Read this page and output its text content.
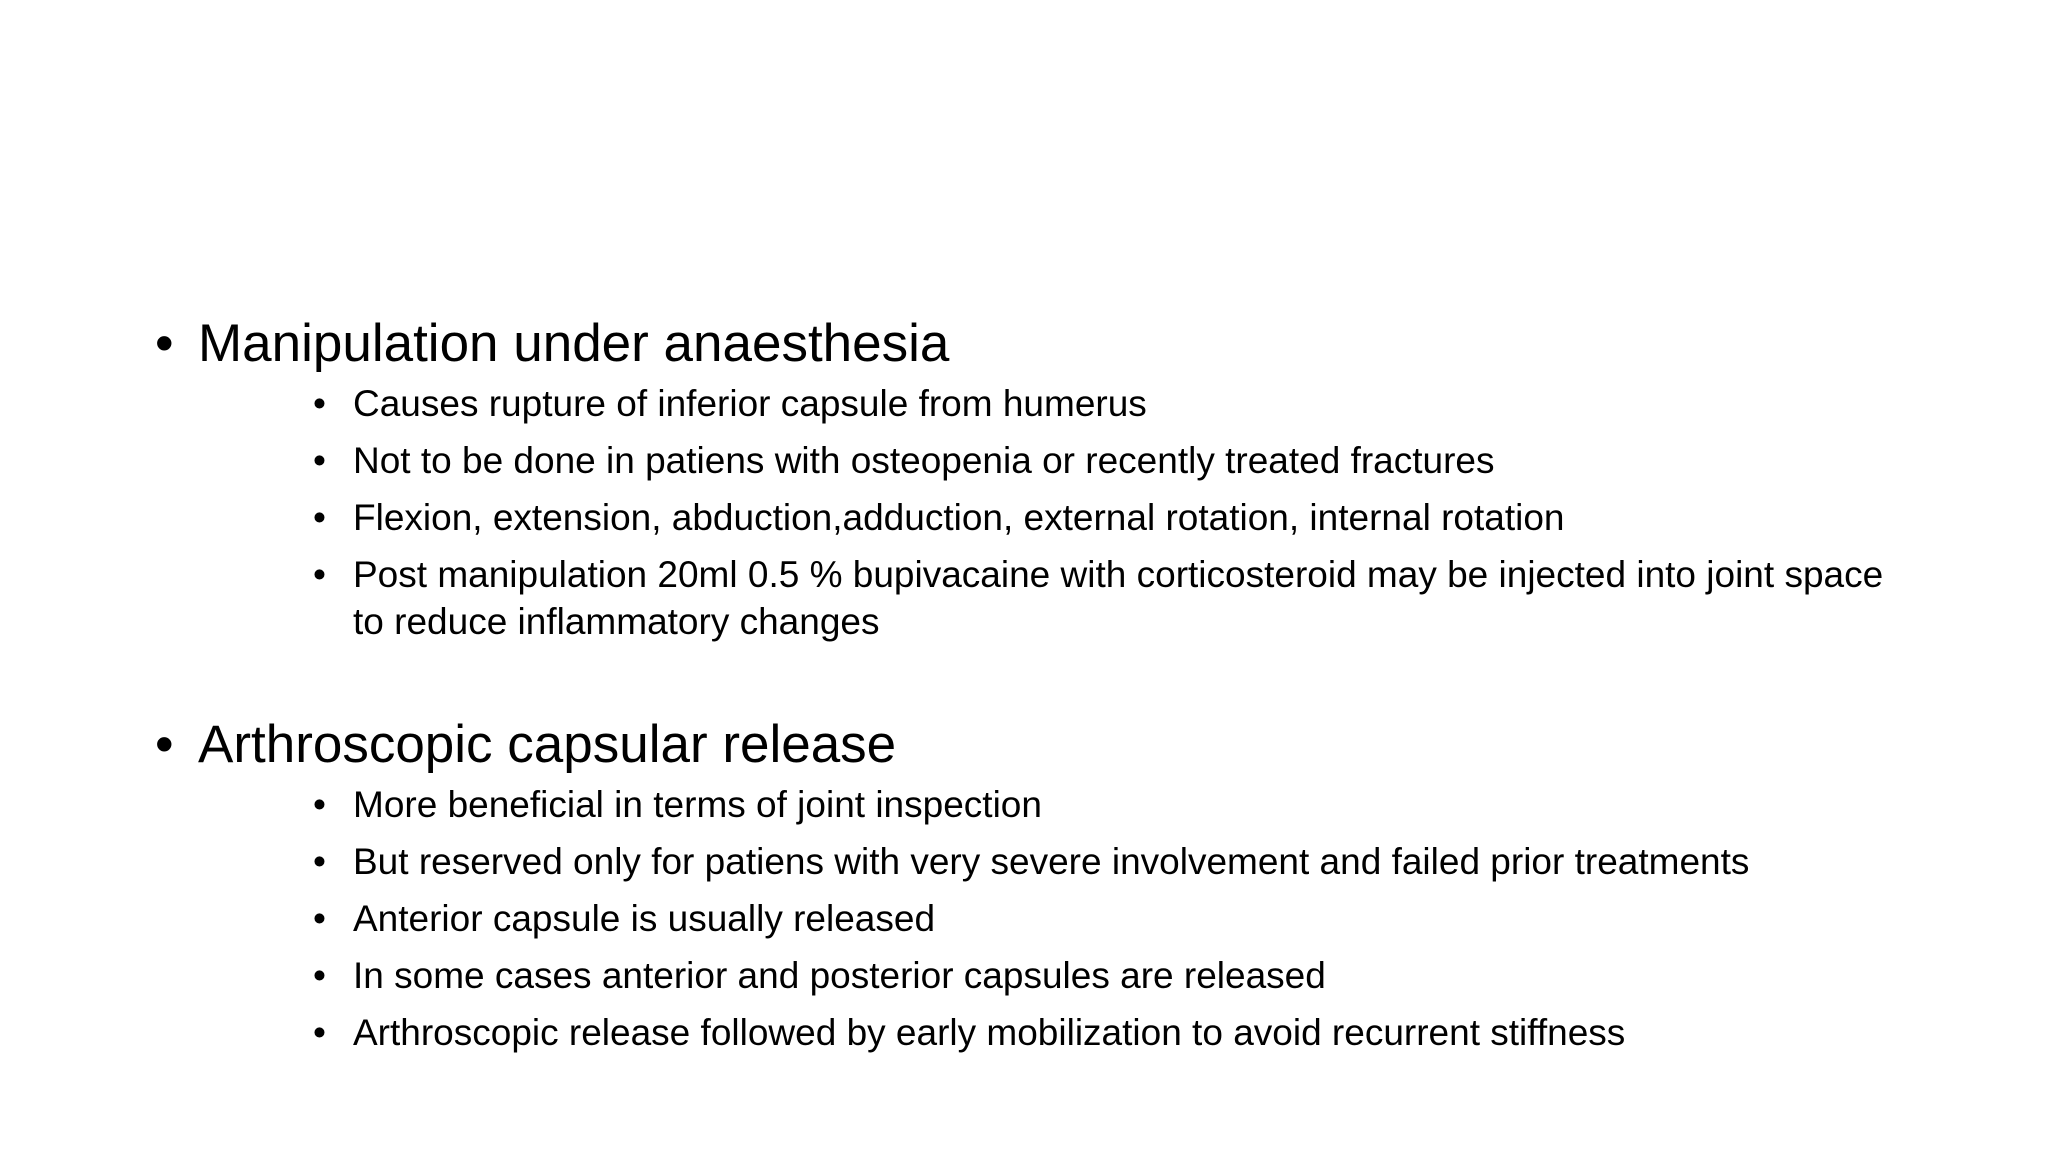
• Manipulation under anaesthesia

• Causes rupture of inferior capsule from humerus
• Not to be done in patiens with osteopenia or recently treated fractures
• Flexion, extension, abduction,adduction, external rotation, internal rotation
• Post manipulation 20ml 0.5 % bupivacaine with corticosteroid may be injected into joint space to reduce inflammatory changes

• Arthroscopic capsular release

• More beneficial in terms of joint inspection
• But reserved only for patiens with very severe involvement and failed prior treatments
• Anterior capsule is usually released
• In some cases anterior and posterior capsules are released
• Arthroscopic release followed by early mobilization to avoid recurrent stiffness
